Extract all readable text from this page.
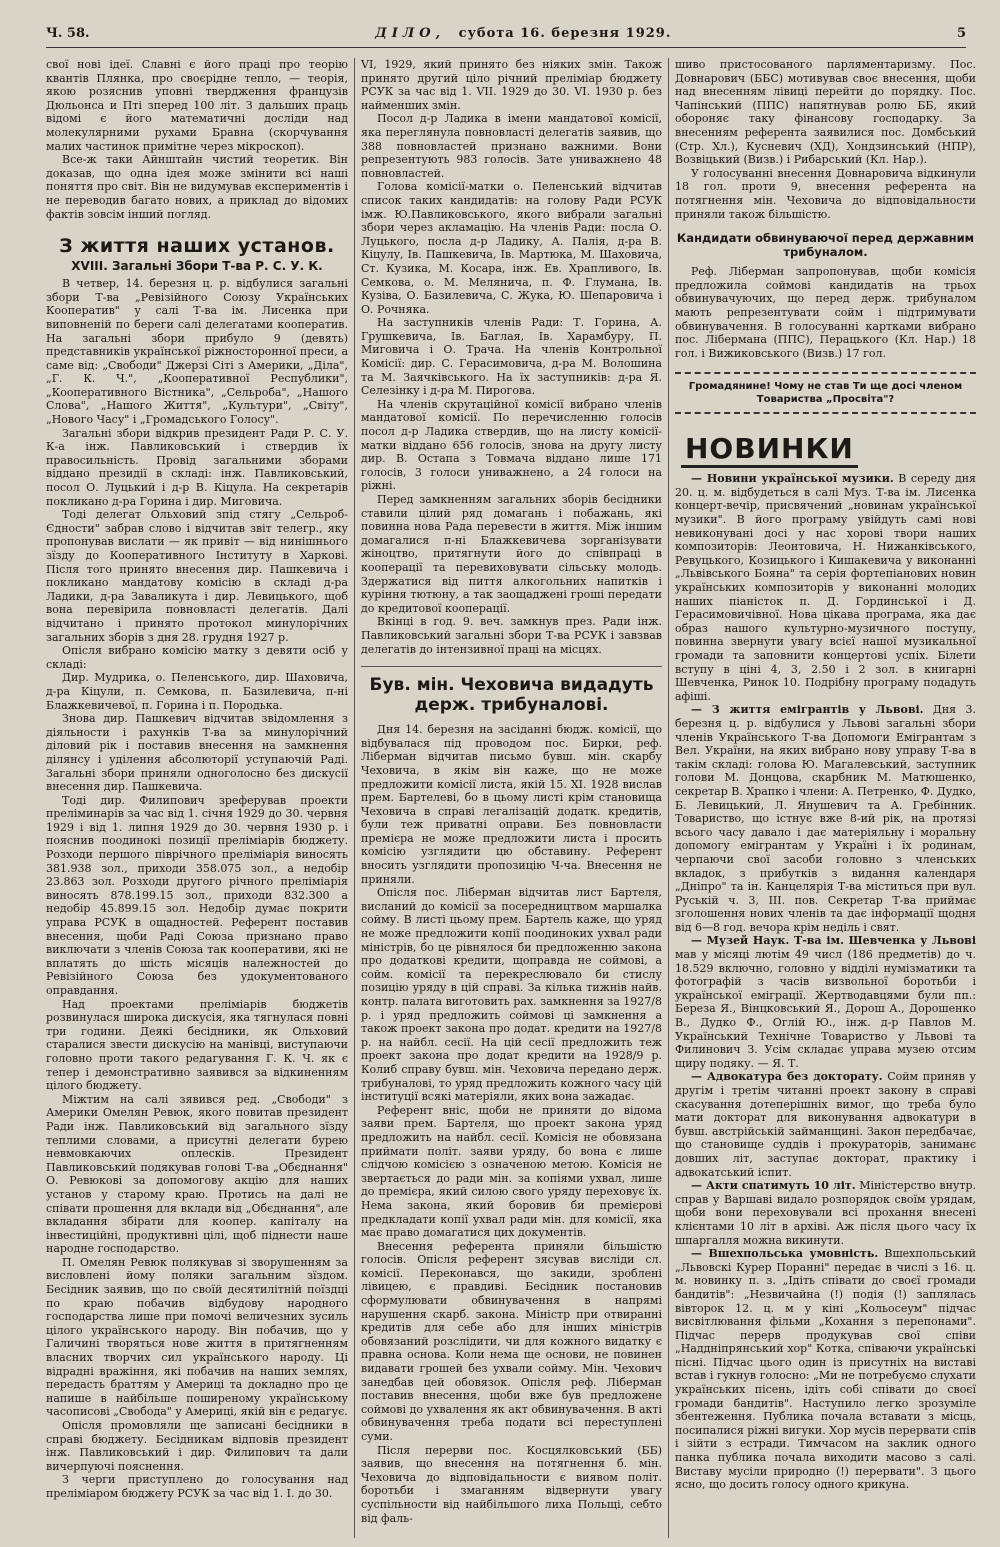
Ч. 58.	ДІЛО, субота 16. березня 1929.	5

свої нові ідеї. Славні є його праці про теорію квантів Плянка, про своєрідне тепло, — теорія, якою розяснив уповні твердження французів Дюльонса и Пті зперед 100 літ. З дальших праць відомі є його математичні досліди над молекулярними рухами Бравна (скорчування малих частинок примітне через мікроскоп).

Все-ж таки Айнштайн чистий теоретик. Він доказав, що одна ідея може змінити всі наші поняття про світ. Він не видумував експериментів і не переводив багато нових, а приклад до відомих фактів зовсім інший погляд.

З життя наших установ.
XVIII. Загальні Збори Т-ва Р. С. У. К.

В четвер, 14. березня ц. р. відбулися загальні збори Т-ва „Ревізійного Союзу Українських Кооператив" у салі Т-ва ім. Лисенка при виповненій по береги салі делегатами кооператив. На загальні збори прибуло 9 (девять) представників української ріжносторонної преси, а саме від: „Свободи" Джерзі Сіті з Америки, „Діла", „Г. К. Ч.", „Кооперативної Республики", „Кооперативного Вістника", „Сельроба", „Нашого Слова", „Нашого Життя", „Культури", „Світу", „Нового Часу" і „Громадського Голосу".

Загальні збори відкрив президент Ради Р. С. У. К-а інж. Павликовський і ствердив їх правосильність. Провід загальними зборами віддано президії в складі: інж. Павликовський, посол О. Луцький і д-р В. Кіцула. На секретарів покликано д-ра Горина і дир. Миговича.

Тоді делегат Ольховий зпід стягу „Сельроб-Єдности" забрав слово і відчитав звіт телегр., яку пропонував вислати — як привіт — від нинішнього зїзду до Кооперативного Інституту в Харкові. Після того принято внесення дир. Пашкевича і покликано мандатову комісію в складі д-ра Ладики, д-ра Заваликута і дир. Левицького, щоб вона перевірила повновласті делегатів. Далі відчитано і принято протокол минулорічних загальних зборів з дня 28. грудня 1927 р.

Опісля вибрано комісію матку з девяти осіб у складі:

Дир. Мудрика, о. Пеленського, дир. Шаховича, д-ра Кіцули, п. Семкова, п. Базилевича, п-ні Блажкевичевої, п. Горина і п. Породька.

Знова дир. Пашкевич відчитав звідомлення з діяльности і рахунків Т-ва за минулорічний діловий рік і поставив внесення на замкнення ділянсу і уділення абсолюторії уступаючій Раді. Загальні збори приняли одноголосно без дискусії внесення дир. Пашкевича.

Тоді дир. Филипович зреферував проекти преліминарів за час від 1. січня 1929 до 30. червня 1929 і від 1. липня 1929 до 30. червня 1930 р. і пояснив поодинокі позиції преліміарів бюджету. Розходи першого піврічного преліміарія виносять 381.938 зол., приходи 358.075 зол., а недобір 23.863 зол. Розходи другого річного преліміарія виносять 878.199.15 зол., приходи 832.300 а недобір 45.899.15 зол. Недобір думає покрити управа РСУК в ощадностей. Референт поставив внесення, щоби Раді Союза признано право виключати з членів Союза так кооперативи, які не вплатять до шість місяців належностей до Ревізійного Союза без удокументованого оправдання.

Над проектами преліміарів бюджетів розвинулася широка дискусія, яка тягнулася повні три години. Деякі бесідники, як Ольховий старалися звести дискусію на манівці, виступаючи головно проти такого редагування Г. К. Ч. як є тепер і демонстративно заявився за відкиненням цілого бюджету.

Міжтим на салі зявився ред. „Свободи" з Америки Омелян Ревюк, якого повитав президент Ради інж. Павликовський від загального зїзду теплими словами, а присутні делегати бурею невмовкаючих оплесків. Президент Павликовський подякував голові Т-ва „Обєднання" О. Ревюкові за допомогову акцію для наших установ у старому краю. Протись на далі не співати прошення для вклади від „Обєднання", але вкладання збірати для коопер. капіталу на інвестиційні, продуктивні цілі, щоб піднести наше народне господарство.

П. Омелян Ревюк полякував зі зворушенням за висловлені йому поляки загальним зїздом. Бесідник заявив, що по своїй десятилітній поїздці по краю побачив відбудову народного господарства лише при помочі величезних зусиль цілого українського народу. Він побачив, що у Галичині творяться нове життя в притягненням власних творчих сил українського народу. Ці відрадні вражіння, які побачив на наших землях, передасть браттям у Америці та докладно про це напише в найбільше поширеному українському часописові „Свобода" у Америці, якій він є редагує.

Опісля промовляли ще записані бесідники в справі бюджету. Бесідникам відповів президент інж. Павликовський і дир. Филипович та дали вичерпуючі пояснення.

З черги приступлено до голосування над преліміаром бюджету РСУК за час від 1. І. до 30.

VI, 1929, який принято без ніяких змін. Також принято другий ціло річний преліміар бюджету РСУК за час від 1. VII. 1929 до 30. VI. 1930 р. без найменших змін.

Посол д-р Ладика в імени мандатової комісії, яка переглянула повновласті делегатів заявив, що 388 повновластей признано важними. Вони репрезентують 983 голосів. Зате униважнено 48 повновластей.

Голова комісії-матки о. Пеленський відчитав список таких кандидатів: на голову Ради РСУК імж. Ю.Павликовського, якого вибрали загальні збори через акламацію. На членів Ради: посла О. Луцького, посла д-р Ладику, А. Палія, д-ра В. Кіцулу, Ів. Пашкевича, Ів. Мартюка, М. Шаховича, Ст. Кузика, М. Косара, інж. Ев. Храпливого, Ів. Семкова, о. М. Мелянича, п. Ф. Глумана, Ів. Кузіва, О. Базилевича, С. Жука, Ю. Шепаровича і О. Рочняка.

На заступників членів Ради: Т. Горина, А. Грушкевича, Ів. Баглая, Ів. Харамбуру, П. Миговича і О. Трача. На членів Контрольної Комісії: дир. С. Герасимовича, д-ра М. Волошина та М. Заячківського. На їх заступників: д-ра Я. Селезінку і д-ра М. Пирогова.

На членів скрутаційної комісії вибрано членів мандатової комісії. По перечисленню голосів посол д-р Ладика ствердив, що на листу комісії-матки віддано 656 голосів, знова на другу листу дир. В. Остапа з Товмача віддано лише 171 голосів, 3 голоси униважнено, а 24 голоси на ріжні.

Перед замкненням загальних зборів бесідники ставили цілий ряд домагань і побажань, які повинна нова Рада перевести в життя. Між іншим домагалися п-ні Блажкевичева зорганізувати жіноцтво, притягнути його до співпраці в кооперації та перевиховувати сільську молодь. Здержатися від пиття алкогольних напитків і куріння тютюну, а так заощаджені гроші передати до кредитової кооперації.

Вкінці в год. 9. веч. замкнув през. Ради інж. Павликовський загальні збори Т-ва РСУК і завзвав делегатів до інтензивної праці на місцях.

Був. мін. Чеховича видадуть держ. трибуналові.

Дня 14. березня на засіданні бюдж. комісії, що відбувалася під проводом пос. Бирки, реф. Ліберман відчитав письмо бувш. мін. скарбу Чеховича, в якім він каже, що не може предложити комісії листа, якій 15. XI. 1928 вислав прем. Бартелеві, бо в цьому листі крім становища Чеховича в справі легалізацій додатк. кредитів, були теж приватні оправи. Без повновласти премієра не може предложити листа і просить комісію узглядити цю обставину. Референт вносить узглядити пропозицію Ч-ча. Внесення не приняли.

Опісля пос. Ліберман відчитав лист Бартеля, висланий до комісії за посередництвом маршалка сойму. В листі цьому прем. Бартель каже, що уряд не може предложити копії поодиноких ухвал ради міністрів, бо це рівнялося би предложенню закона про додаткові кредити, щоправда не соймові, а сойм. комісії та перекреслювало би стислу позицію уряду в цій справі. За кілька тижнів найв. контр. палата виготовить рах. замкнення за 1927/8 р. і уряд предложить соймові ці замкнення а також проект закона про додат. кредити на 1927/8 р. на найбл. сесії. На цій сесії предложить теж проект закона про додат кредити на 1928/9 р. Колиб справу бувш. мін. Чеховича передано держ. трибуналові, то уряд предложить кожного часу цій інституції всякі матеріяли, яких вона зажадає.

Референт вніс, щоби не приняти до відома заяви прем. Бартеля, що проект закона уряд предложить на найбл. сесії. Комісія не обовязана приймати політ. заяви уряду, бо вона є лише слідчою комісією з означеною метою. Комісія не звертається до ради мін. за копіями ухвал, лише до премієра, який силою свого уряду переховує їх. Нема закона, який боровив би премієрові предкладати копії ухвал ради мін. для комісії, яка має право домагатися цих документів.

Внесення референта приняли більшістю голосів. Опісля референт зясував висліди сл. комісії. Переконався, що закиди, зроблені лівицею, є правдиві. Бесідник постановив сформулювати обвинувачення в напрямі нарушення скарб. закона. Міністр при отвиранні кредитів для себе або для інших міністрів обовязаний розслідити, чи для кожного видатку є правна основа. Коли нема ще основи, не повинен видавати грошей без ухвали сойму. Мін. Чехович занедбав цей обовязок. Опісля реф. Ліберман поставив внесення, щоби вже був предложене соймові до ухвалення як акт обвинувачення. В акті обвинувачення треба подати всі переступлені суми.

Після перерви пос. Косцялковський (ББ) заявив, що внесення на потягнення б. мін. Чеховича до відповідальности є виявом політ. боротьби і змаганням відвернути увагу суспільности від найбільшого лиха Польщі, себто від фаль-

шиво пристосованого парляментаризму. Пос. Довнарович (ББС) мотивував своє внесення, щоби над внесенням лівиці перейти до порядку. Пос. Чапінський (ППС) напятнував ролю ББ, який обороняє таку фінансову господарку. За внесенням референта заявилися пос. Домбський (Стр. Хл.), Кусневич (ХД), Хондзинський (НПР), Возвіцький (Визв.) і Рибарський (Кл. Нар.).

У голосуванні внесення Довнаровича відкинули 18 гол. проти 9, внесення референта на потягнення мін. Чеховича до відповідальности приняли також більшістю.

Кандидати обвинуваючої перед державним трибуналом.

Реф. Ліберман запропонував, щоби комісія предложила соймові кандидатів на трьох обвинувачуючих, що перед держ. трибуналом мають репрезентувати сойм і підтримувати обвинувачення. В голосуванні картками вибрано пос. Лібермана (ППС), Перацького (Кл. Нар.) 18 гол. і Вижиковського (Визв.) 17 гол.

Громадянине! Чому не став Ти ще досі членом Товариства „Просвіта"?

НОВИНКИ

— Новини української музики. В середу дня 20. ц. м. відбудеться в салі Муз. Т-ва ім. Лисенка концерт-вечір, присвячений „новинам української музики". В його програму увійдуть самі нові невиконувані досі у нас хорові твори наших композиторів: Леонтовича, Н. Нижанківського, Ревуцького, Козицького і Кишакевича у виконанні „Львівського Бояна" та серія фортепіанових новин українських композиторів у виконанні молодих наших піаністок п. Д. Гординської і Д. Герасимовичівної. Нова цікава програма, яка дає образ нашого культурно-музичного поступу, повинна звернути увагу всієї нашої музикальної громади та заповнити концертові успіх. Білети вступу в ціні 4, 3, 2.50 і 2 зол. в книгарні Шевченка, Ринок 10. Подрібну програму подадуть афіші.

— З життя емігрантів у Львові. Дня 3. березня ц. р. відбулися у Львові загальні збори членів Українського Т-ва Допомоги Емігрантам з Вел. України, на яких вибрано нову управу Т-ва в такім складі: голова Ю. Магалевський, заступник голови М. Донцова, скарбник М. Матюшенко, секретар В. Храпко і члени: А. Петренко, Ф. Дудко, Б. Левицький, Л. Янушевич та А. Гребінник. Товариство, що істнує вже 8-ий рік, на протязі всього часу давало і дає матеріяльну і моральну допомогу емігрантам у Україні і їх родинам, черпаючи свої засоби головно з членських вкладок, з прибутків з видання календаря „Дніпро" та ін. Канцелярія Т-ва міститься при вул. Руській ч. 3, III. пов. Секретар Т-ва приймає зголошення нових членів та дає інформації щодня від 6—8 год. вечора крім неділь і свят.

— Музей Наук. Т-ва ім. Шевченка у Львові мав у місяці лютім 49 числ (186 предметів) до ч. 18.529 включно, головно у відділі нумізматики та фотографій з часів визвольної боротьби і української еміграції. Жертводавцями були пп.: Береза Я., Вінцковський Я., Дорош А., Дорошенко В., Дудко Ф., Оглій Ю., інж. д-р Павлов М. Український Технічне Товариство у Львові та Филинович З. Усім складає управа музею отсим щиру подяку. — Я. Т.

— Адвокатура без докторату. Сойм приняв у другім і третім читанні проект закону в справі скасування дотеперішніх вимог, що треба було мати докторат для виконування адвокатури в бувш. австрійській займанщині. Закон передбачає, що становище суддів і прокураторів, заниманє довших літ, заступає докторат, практику і адвокатський іспит.

— Акти спатимуть 10 літ. Міністерство внутр. справ у Варшаві видало розпорядок своїм урядам, щоби вони переховували всі прохання внесені клієнтами 10 літ в архіві. Аж після цього часу їх шпаргалля можна викинути.

— Вшехпольська умовність. Вшехпольський „Львовскі Курер Поранні" передає в числі з 16. ц. м. новинку п. з. „Ідіть співати до своєї громади бандитів": „Незвичайна (!) подія (!) заплялась вівторок 12. ц. м у кіні „Кольосеум" підчас висвітлювання фільми „Кохання з перепонами". Підчас перерв продукував свої співи „Наддніпрянський хор" Котка, співаючи українські пісні. Підчас цього один із присутніх на виставі встав і гукнув голосно: „Ми не потребуємо слухати українських пісень, ідіть собі співати до своєї громади бандитів". Наступило легко зрозуміле збентеження. Публика почала вставати з місць, посипалися ріжні вигуки. Хор мусів перервати спів і зійти з естради. Тимчасом на заклик одного панка публика почала виходити масово з салі. Виставу мусіли природно (!) перервати". З цього ясно, що досить голосу одного крикуна.
